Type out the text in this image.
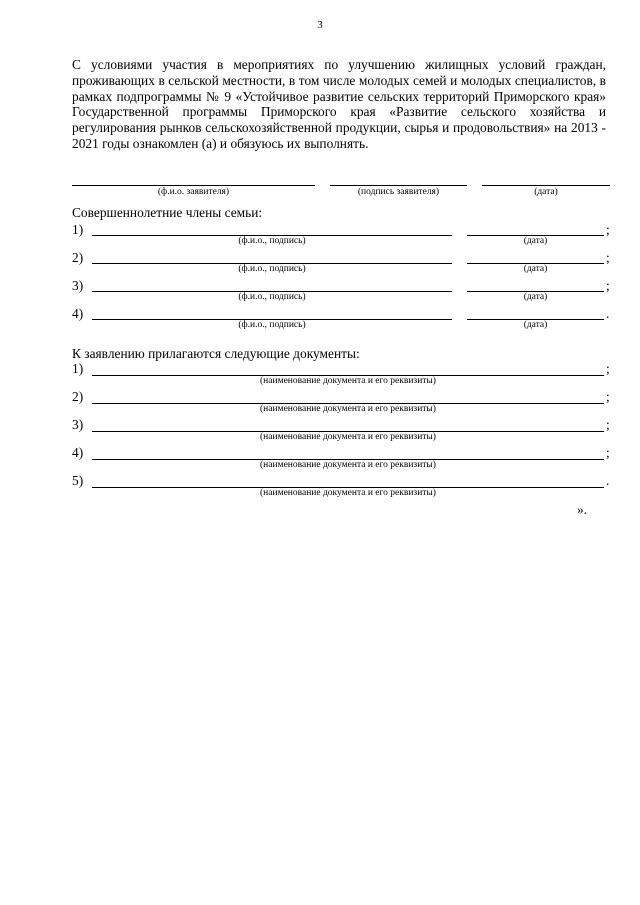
3
С условиями участия в мероприятиях по улучшению жилищных условий граждан, проживающих в сельской местности, в том числе молодых семей и молодых специалистов, в рамках подпрограммы № 9 «Устойчивое развитие сельских территорий Приморского края» Государственной программы Приморского края «Развитие сельского хозяйства и регулирования рынков сельскохозяйственной продукции, сырья и продовольствия» на 2013 - 2021 годы ознакомлен (а) и обязуюсь их выполнять.
(ф.и.о. заявителя)	(подпись заявителя)	(дата)
Совершеннолетние члены семьи:
1)	;
(ф.и.о., подпись)	(дата)
2)	;
(ф.и.о., подпись)	(дата)
3)	;
(ф.и.о., подпись)	(дата)
4)	.
(ф.и.о., подпись)	(дата)
К заявлению прилагаются следующие документы:
1)	;
(наименование документа и его реквизиты)
2)	;
(наименование документа и его реквизиты)
3)	;
(наименование документа и его реквизиты)
4)	;
(наименование документа и его реквизиты)
5)	.
(наименование документа и его реквизиты)
».
